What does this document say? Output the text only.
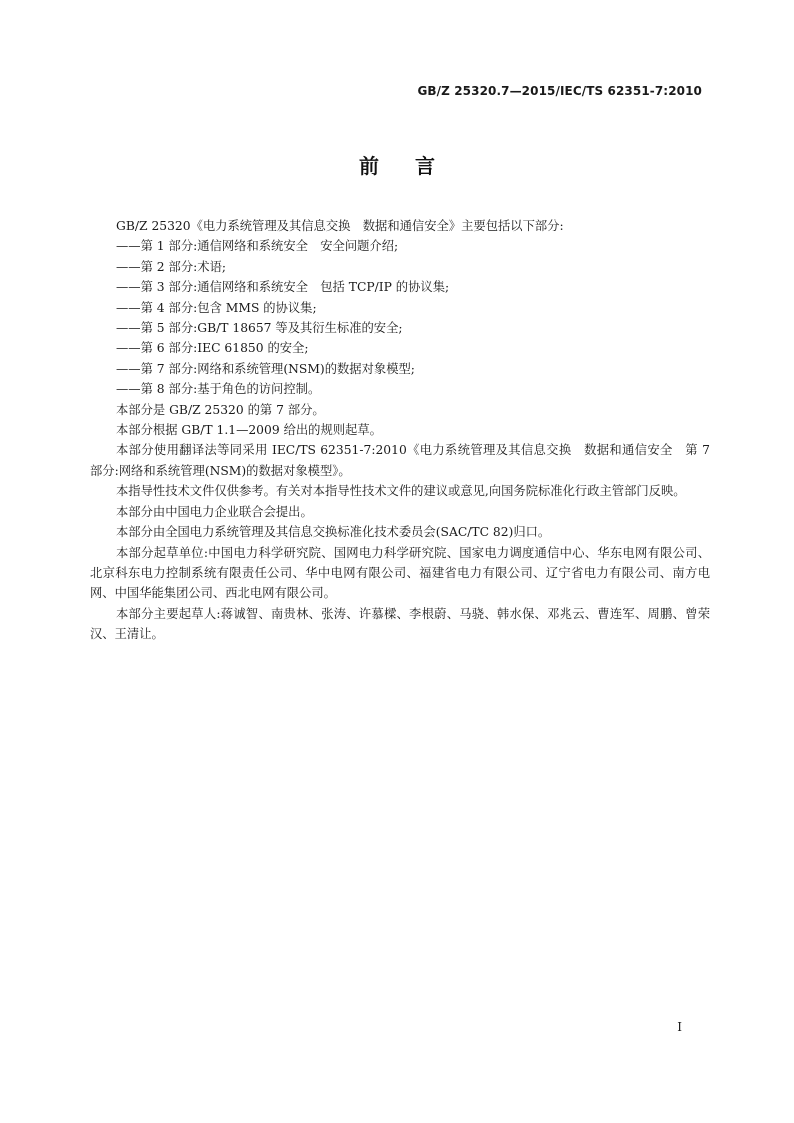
GB/Z 25320.7—2015/IEC/TS 62351-7:2010
前言

GB/Z 25320《电力系统管理及其信息交换　数据和通信安全》主要包括以下部分:

——第 1 部分:通信网络和系统安全　安全问题介绍;

——第 2 部分:术语;

——第 3 部分:通信网络和系统安全　包括 TCP/IP 的协议集;

——第 4 部分:包含 MMS 的协议集;

——第 5 部分:GB/T 18657 等及其衍生标准的安全;

——第 6 部分:IEC 61850 的安全;

——第 7 部分:网络和系统管理(NSM)的数据对象模型;

——第 8 部分:基于角色的访问控制。

本部分是 GB/Z 25320 的第 7 部分。

本部分根据 GB/T 1.1—2009 给出的规则起草。

本部分使用翻译法等同采用 IEC/TS 62351-7:2010《电力系统管理及其信息交换　数据和通信安全　第 7 部分:网络和系统管理(NSM)的数据对象模型》。

本指导性技术文件仅供参考。有关对本指导性技术文件的建议或意见,向国务院标准化行政主管部门反映。

本部分由中国电力企业联合会提出。

本部分由全国电力系统管理及其信息交换标准化技术委员会(SAC/TC 82)归口。

本部分起草单位:中国电力科学研究院、国网电力科学研究院、国家电力调度通信中心、华东电网有限公司、北京科东电力控制系统有限责任公司、华中电网有限公司、福建省电力有限公司、辽宁省电力有限公司、南方电网、中国华能集团公司、西北电网有限公司。

本部分主要起草人:蒋诚智、南贵林、张涛、许慕樑、李根蔚、马骁、韩水保、邓兆云、曹连军、周鹏、曾荣汉、王清让。

I
